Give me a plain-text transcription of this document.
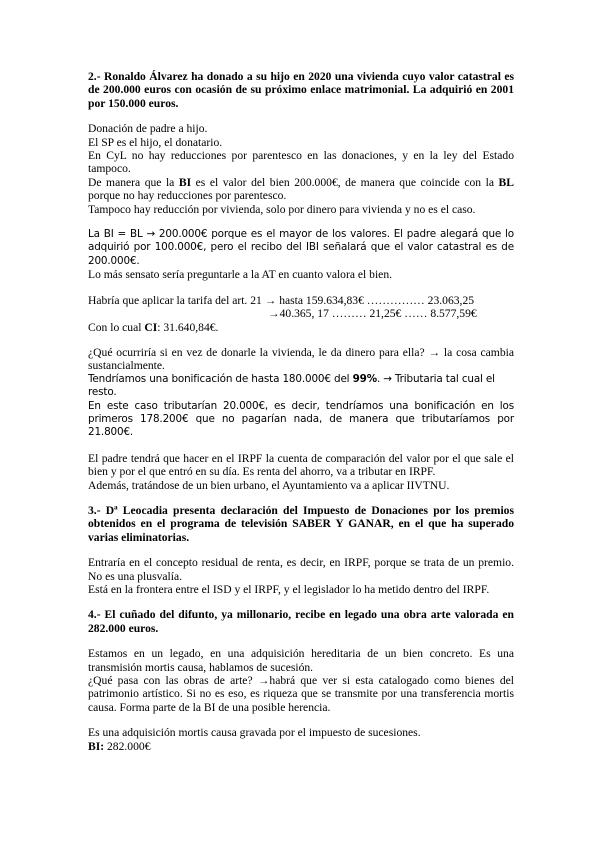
2.- Ronaldo Álvarez ha donado a su hijo en 2020 una vivienda cuyo valor catastral es de 200.000 euros con ocasión de su próximo enlace matrimonial. La adquirió en 2001 por 150.000 euros.

Donación de padre a hijo.

El SP es el hijo, el donatario.

En CyL no hay reducciones por parentesco en las donaciones, y en la ley del Estado tampoco.

De manera que la BI es el valor del bien 200.000€, de manera que coincide con la BL porque no hay reducciones por parentesco.

Tampoco hay reducción por vivienda, solo por dinero para vivienda y no es el caso.

La BI = BL → 200.000€ porque es el mayor de los valores. El padre alegará que lo adquirió por 100.000€, pero el recibo del IBI señalará que el valor catastral es de 200.000€.

Lo más sensato sería preguntarle a la AT en cuanto valora el bien.

Habría que aplicar la tarifa del art. 21 → hasta 159.634,83€ …………… 23.063,25

→40.365, 17 ……… 21,25€ …… 8.577,59€

Con lo cual CI: 31.640,84€.

¿Qué ocurriría si en vez de donarle la vivienda, le da dinero para ella? → la cosa cambia sustancialmente.

Tendríamos una bonificación de hasta 180.000€ del 99%. → Tributaria tal cual el resto.

En este caso tributarían 20.000€, es decir, tendríamos una bonificación en los primeros 178.200€ que no pagarían nada, de manera que tributaríamos por 21.800€.

El padre tendrá que hacer en el IRPF la cuenta de comparación del valor por el que sale el bien y por el que entró en su día. Es renta del ahorro, va a tributar en IRPF.

Además, tratándose de un bien urbano, el Ayuntamiento va a aplicar IIVTNU.

3.- Dª Leocadia presenta declaración del Impuesto de Donaciones por los premios obtenidos en el programa de televisión SABER Y GANAR, en el que ha superado varias eliminatorias.

Entraría en el concepto residual de renta, es decir, en IRPF, porque se trata de un premio. No es una plusvalía.

Está en la frontera entre el ISD y el IRPF, y el legislador lo ha metido dentro del IRPF.

4.- El cuñado del difunto, ya millonario, recibe en legado una obra arte valorada en 282.000 euros.

Estamos en un legado, en una adquisición hereditaria de un bien concreto. Es una transmisión mortis causa, hablamos de sucesión.

¿Qué pasa con las obras de arte? →habrá que ver si esta catalogado como bienes del patrimonio artístico. Si no es eso, es riqueza que se transmite por una transferencia mortis causa. Forma parte de la BI de una posible herencia.

Es una adquisición mortis causa gravada por el impuesto de sucesiones.

BI: 282.000€
